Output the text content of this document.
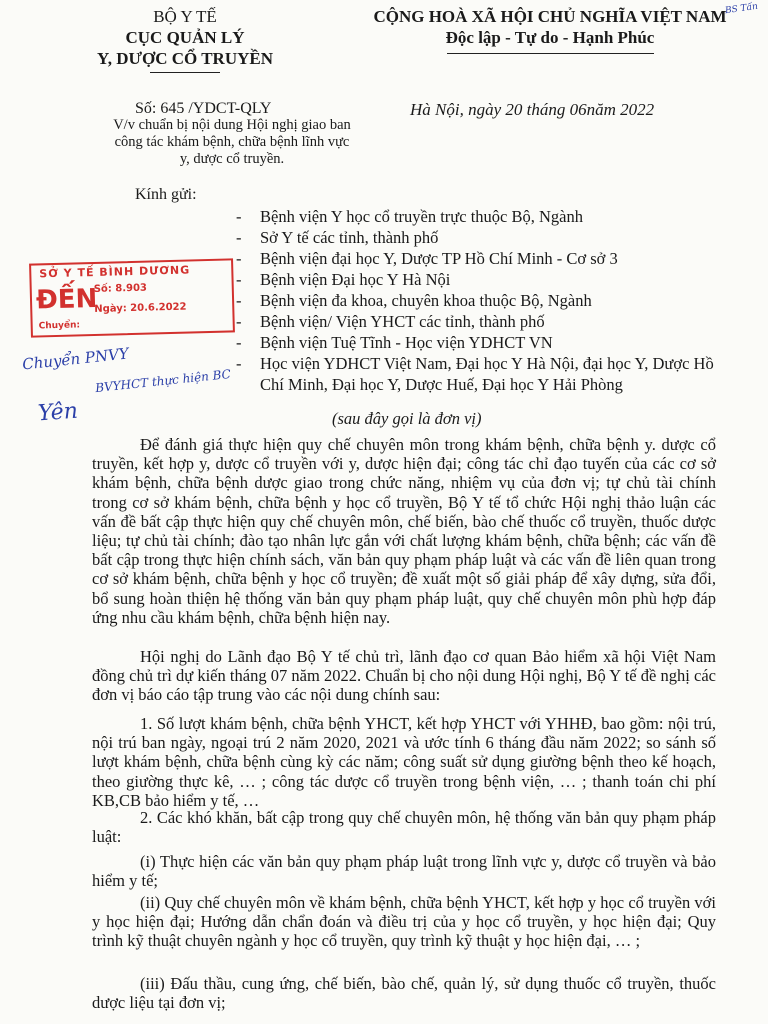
BỘ Y TẾ
CỤC QUẢN LÝ
Y, DƯỢC CỔ TRUYỀN
CỘNG HOÀ XÃ HỘI CHỦ NGHĨA VIỆT NAM
Độc lập - Tự do - Hạnh Phúc
BS Tấn
Số: 645 /YDCT-QLY	Hà Nội, ngày 20 tháng 06năm 2022
V/v chuẩn bị nội dung Hội nghị giao ban công tác khám bệnh, chữa bệnh lĩnh vực y, dược cổ truyền.
Kính gửi:
-	Bệnh viện Y học cổ truyền trực thuộc Bộ, Ngành
-	Sở Y tế các tỉnh, thành phố
-	Bệnh viện đại học Y, Dược TP Hồ Chí Minh - Cơ sở 3
-	Bệnh viện Đại học Y Hà Nội
-	Bệnh viện đa khoa, chuyên khoa thuộc Bộ, Ngành
-	Bệnh viện/ Viện YHCT các tỉnh, thành phố
-	Bệnh viện Tuệ Tĩnh - Học viện YDHCT VN
-	Học viện YDHCT Việt Nam, Đại học Y Hà Nội, đại học Y, Dược Hồ Chí Minh, Đại học Y, Dược Huế, Đại học Y Hải Phòng
(sau đây gọi là đơn vị)
SỞ Y TẾ BÌNH DƯƠNG
ĐẾN
Số: 8.903
Ngày: 20.6.2022
Chuyển:
Chuyển PNVY
BVYHCT thực hiện BC
Yên
Để đánh giá thực hiện quy chế chuyên môn trong khám bệnh, chữa bệnh y. dược cổ truyền, kết hợp y, dược cổ truyền với y, dược hiện đại; công tác chỉ đạo tuyến của các cơ sở khám bệnh, chữa bệnh dược giao trong chức năng, nhiệm vụ của đơn vị; tự chủ tài chính trong cơ sở khám bệnh, chữa bệnh y học cổ truyền, Bộ Y tế tổ chức Hội nghị thảo luận các vấn đề bất cập thực hiện quy chế chuyên môn, chế biến, bào chế thuốc cổ truyền, thuốc dược liệu; tự chủ tài chính; đào tạo nhân lực gắn với chất lượng khám bệnh, chữa bệnh; các vấn đề bất cập trong thực hiện chính sách, văn bản quy phạm pháp luật và các vấn đề liên quan trong cơ sở khám bệnh, chữa bệnh y học cổ truyền; đề xuất một số giải pháp để xây dựng, sửa đổi, bổ sung hoàn thiện hệ thống văn bản quy phạm pháp luật, quy chế chuyên môn phù hợp đáp ứng nhu cầu khám bệnh, chữa bệnh hiện nay.
Hội nghị do Lãnh đạo Bộ Y tế chủ trì, lãnh đạo cơ quan Bảo hiểm xã hội Việt Nam đồng chủ trì dự kiến tháng 07 năm 2022. Chuẩn bị cho nội dung Hội nghị, Bộ Y tế đề nghị các đơn vị báo cáo tập trung vào các nội dung chính sau:
1. Số lượt khám bệnh, chữa bệnh YHCT, kết hợp YHCT với YHHĐ, bao gồm: nội trú, nội trú ban ngày, ngoại trú 2 năm 2020, 2021 và ước tính 6 tháng đầu năm 2022; so sánh số lượt khám bệnh, chữa bệnh cùng kỳ các năm; công suất sử dụng giường bệnh theo kế hoạch, theo giường thực kê, … ; công tác dược cổ truyền trong bệnh viện, … ; thanh toán chi phí KB,CB bảo hiểm y tế, …
2. Các khó khăn, bất cập trong quy chế chuyên môn, hệ thống văn bản quy phạm pháp luật:
(i) Thực hiện các văn bản quy phạm pháp luật trong lĩnh vực y, dược cổ truyền và bảo hiểm y tế;
(ii) Quy chế chuyên môn về khám bệnh, chữa bệnh YHCT, kết hợp y học cổ truyền với y học hiện đại; Hướng dẫn chẩn đoán và điều trị của y học cổ truyền, y học hiện đại; Quy trình kỹ thuật chuyên ngành y học cổ truyền, quy trình kỹ thuật y học hiện đại, … ;
(iii) Đấu thầu, cung ứng, chế biến, bào chế, quản lý, sử dụng thuốc cổ truyền, thuốc dược liệu tại đơn vị;
